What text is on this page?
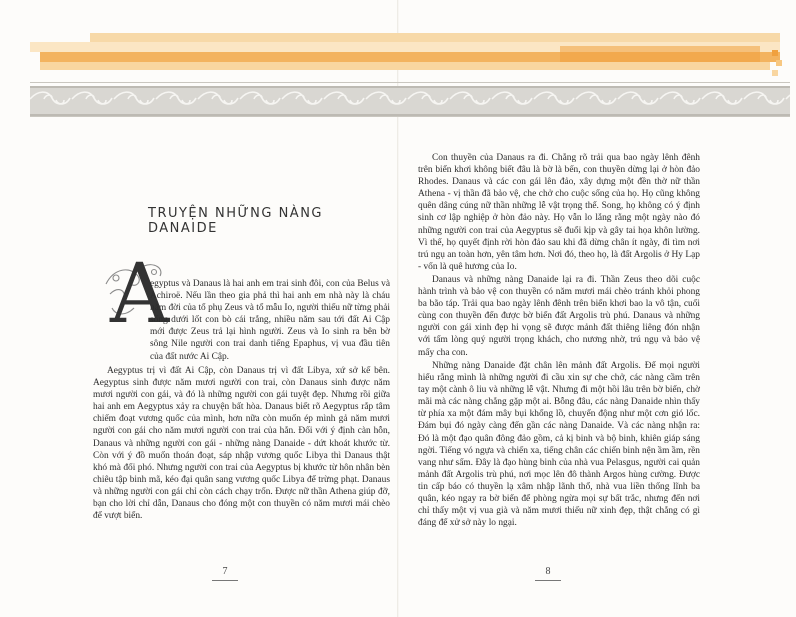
TRUYỆN NHỮNG NÀNG DANAIDE
A

egyptus và Danaus là hai anh em trai sinh đôi, con của Belus và Achiroë. Nếu lần theo gia phả thì hai anh em nhà này là cháu năm đời của tổ phụ Zeus và tổ mẫu Io, người thiếu nữ từng phải sống dưới lốt con bò cái trắng, nhiều năm sau tới đất Ai Cập mới được Zeus trả lại hình người. Zeus và Io sinh ra bên bờ sông Nile người con trai danh tiếng Epaphus, vị vua đầu tiên của đất nước Ai Cập.

Aegyptus trị vì đất Ai Cập, còn Danaus trị vì đất Libya, xứ sở kế bên. Aegyptus sinh được năm mươi người con trai, còn Danaus sinh được năm mươi người con gái, và đó là những người con gái tuyệt đẹp. Nhưng rồi giữa hai anh em Aegyptus xảy ra chuyện bất hòa. Danaus biết rõ Aegyptus rắp tâm chiếm đoạt vương quốc của mình, hơn nữa còn muốn ép mình gả năm mươi người con gái cho năm mươi người con trai của hắn. Đối với ý định càn hỗn, Danaus và những người con gái - những nàng Danaide - dứt khoát khước từ. Còn với ý đồ muốn thoán đoạt, sáp nhập vương quốc Libya thì Danaus thật khó mà đối phó. Nhưng người con trai của Aegyptus bị khước từ hôn nhân bèn chiêu tập binh mã, kéo đại quân sang vương quốc Libya để trừng phạt. Danaus và những người con gái chỉ còn cách chạy trốn. Được nữ thần Athena giúp đỡ, bạn cho lời chỉ dẫn, Danaus cho đóng một con thuyền có năm mươi mái chèo để vượt biển.

7

Con thuyền của Danaus ra đi. Chẳng rõ trải qua bao ngày lênh đênh trên biển khơi không biết đâu là bờ là bến, con thuyền dừng lại ở hòn đảo Rhodes. Danaus và các con gái lên đảo, xây dựng một đền thờ nữ thần Athena - vị thần đã bảo vệ, che chở cho cuộc sống của họ. Họ cũng không quên dâng cúng nữ thần những lễ vật trọng thể. Song, họ không có ý định sinh cơ lập nghiệp ở hòn đảo này. Họ vẫn lo lắng rằng một ngày nào đó những người con trai của Aegyptus sẽ đuổi kịp và gây tai họa khôn lường. Vì thế, họ quyết định rời hòn đảo sau khi đã dừng chân ít ngày, đi tìm nơi trú ngụ an toàn hơn, yên tâm hơn. Nơi đó, theo họ, là đất Argolis ở Hy Lạp - vốn là quê hương của Io.

Danaus và những nàng Danaide lại ra đi. Thần Zeus theo dõi cuộc hành trình và bảo vệ con thuyền có năm mươi mái chèo tránh khỏi phong ba bão táp. Trải qua bao ngày lênh đênh trên biển khơi bao la vô tận, cuối cùng con thuyền đến được bờ biển đất Argolis trù phú. Danaus và những người con gái xinh đẹp hi vọng sẽ được mảnh đất thiêng liêng đón nhận với tấm lòng quý người trọng khách, cho nương nhờ, trú ngụ và bảo vệ mấy cha con.

Những nàng Danaide đặt chân lên mảnh đất Argolis. Để mọi người hiểu rằng mình là những người đi cầu xin sự che chở, các nàng cầm trên tay một cành ô liu và những lễ vật. Nhưng đi một hồi lâu trên bờ biển, chờ mãi mà các nàng chẳng gặp một ai. Bỗng đâu, các nàng Danaide nhìn thấy từ phía xa một đám mây bụi khổng lồ, chuyển động như một cơn gió lốc. Đám bụi đó ngày càng đến gần các nàng Danaide. Và các nàng nhận ra: Đó là một đạo quân đông đảo gồm, cả kị binh và bộ binh, khiên giáp sáng ngời. Tiếng vó ngựa và chiến xa, tiếng chân các chiến binh nện ầm ầm, rền vang như sấm. Đây là đạo hùng binh của nhà vua Pelasgus, người cai quản mảnh đất Argolis trù phú, nơi mọc lên đô thành Argos hùng cường. Được tin cấp báo có thuyền lạ xâm nhập lãnh thổ, nhà vua liền thống lĩnh ba quân, kéo ngay ra bờ biển để phòng ngừa mọi sự bất trắc, nhưng đến nơi chỉ thấy một vị vua già và năm mươi thiếu nữ xinh đẹp, thật chẳng có gì đáng để xử sở này lo ngại.

8
